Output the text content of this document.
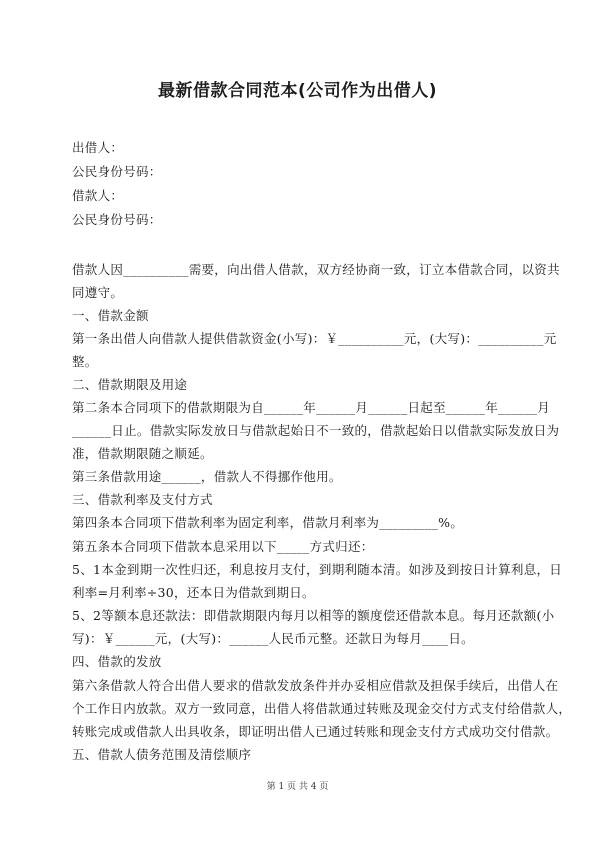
最新借款合同范本(公司作为出借人)
出借人：
公民身份号码：
借款人：
公民身份号码：
借款人因__________需要，向出借人借款，双方经协商一致，订立本借款合同，以资共
同遵守。
一、借款金额
第一条出借人向借款人提供借款资金(小写)：￥__________元，(大写)：__________元
整。
二、借款期限及用途
第二条本合同项下的借款期限为自______年______月______日起至______年______月
______日止。借款实际发放日与借款起始日不一致的，借款起始日以借款实际发放日为
准，借款期限随之顺延。
第三条借款用途______，借款人不得挪作他用。
三、借款利率及支付方式
第四条本合同项下借款利率为固定利率，借款月利率为_________%。
第五条本合同项下借款本息采用以下_____方式归还：
5、1本金到期一次性归还，利息按月支付，到期利随本清。如涉及到按日计算利息，日
利率=月利率÷30，还本日为借款到期日。
5、2等额本息还款法：即借款期限内每月以相等的额度偿还借款本息。每月还款额(小
写)：￥______元，(大写)：______人民币元整。还款日为每月____日。
四、借款的发放
第六条借款人符合出借人要求的借款发放条件并办妥相应借款及担保手续后，出借人在
个工作日内放款。双方一致同意，出借人将借款通过转账及现金交付方式支付给借款人，
转账完成或借款人出具收条，即证明出借人已通过转账和现金支付方式成功交付借款。
五、借款人债务范围及清偿顺序
第 1 页 共 4 页
